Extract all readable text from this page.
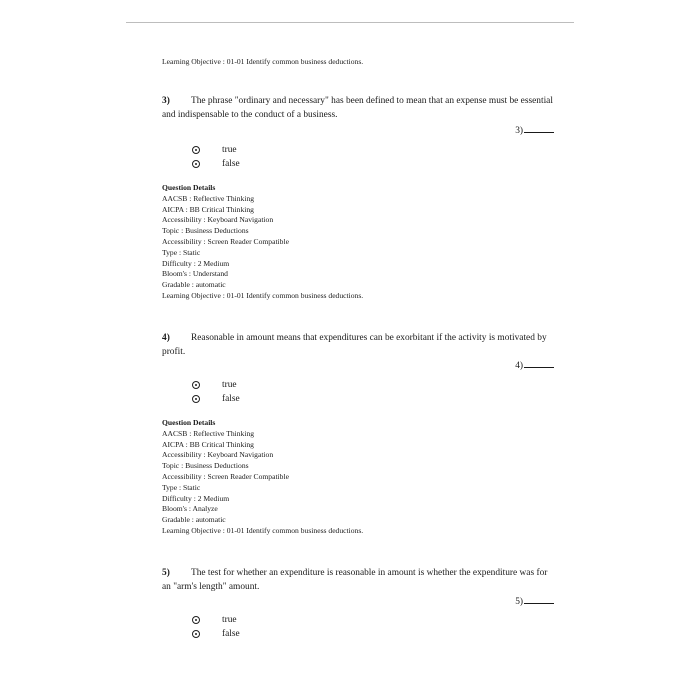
Learning Objective : 01-01 Identify common business deductions.
3) The phrase "ordinary and necessary" has been defined to mean that an expense must be essential and indispensable to the conduct of a business.
3)
true
false
Question Details
AACSB : Reflective Thinking
AICPA : BB Critical Thinking
Accessibility : Keyboard Navigation
Topic : Business Deductions
Accessibility : Screen Reader Compatible
Type : Static
Difficulty : 2 Medium
Bloom's : Understand
Gradable : automatic
Learning Objective : 01-01 Identify common business deductions.
4) Reasonable in amount means that expenditures can be exorbitant if the activity is motivated by profit.
4)
true
false
Question Details
AACSB : Reflective Thinking
AICPA : BB Critical Thinking
Accessibility : Keyboard Navigation
Topic : Business Deductions
Accessibility : Screen Reader Compatible
Type : Static
Difficulty : 2 Medium
Bloom's : Analyze
Gradable : automatic
Learning Objective : 01-01 Identify common business deductions.
5) The test for whether an expenditure is reasonable in amount is whether the expenditure was for an "arm's length" amount.
5)
true
false
